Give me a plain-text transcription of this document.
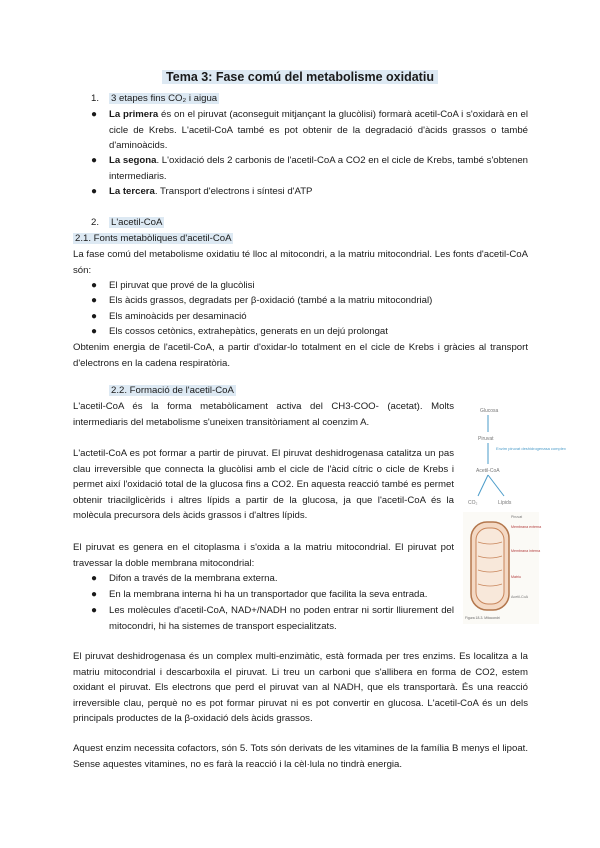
Tema 3: Fase comú del metabolisme oxidatiu
1. 3 etapes fins CO₂ i aigua
● La primera és on el piruvat (aconseguit mitjançant la glucòlisi) formarà acetil-CoA i s'oxidarà en el cicle de Krebs. L'acetil-CoA també es pot obtenir de la degradació d'àcids grassos o també d'aminoàcids.
● La segona. L'oxidació dels 2 carbonis de l'acetil-CoA a CO2 en el cicle de Krebs, també s'obtenen intermediaris.
● La tercera. Transport d'electrons i síntesi d'ATP
2. L'acetil-CoA
2.1. Fonts metabòliques d'acetil-CoA
La fase comú del metabolisme oxidatiu té lloc al mitocondri, a la matriu mitocondrial. Les fonts d'acetil-CoA són:
● El piruvat que prové de la glucòlisi
● Els àcids grassos, degradats per β-oxidació (també a la matriu mitocondrial)
● Els aminoàcids per desaminació
● Els cossos cetònics, extrahepàtics, generats en un dejú prolongat
Obtenim energia de l'acetil-CoA, a partir d'oxidar-lo totalment en el cicle de Krebs i gràcies al transport d'electrons en la cadena respiratòria.
2.2. Formació de l'acetil-CoA
L'acetil-CoA és la forma metabòlicament activa del CH3-COO- (acetat). Molts intermediaris del metabolisme s'uneixen transitòriament al coenzim A.
L'actetil-CoA es pot formar a partir de piruvat. El piruvat deshidrogenasa catalitza un pas clau irreversible que connecta la glucòlisi amb el cicle de l'àcid cítric o cicle de Krebs i permet així l'oxidació total de la glucosa fins a CO2. En aquesta reacció també es permet obtenir triacilglicèrids i altres lípids a partir de la glucosa, ja que l'acetil-CoA és la molècula precursora dels àcids grassos i d'altres lípids.
El piruvat es genera en el citoplasma i s'oxida a la matriu mitocondrial. El piruvat pot travessar la doble membrana mitocondrial:
● Difon a través de la membrana externa.
● En la membrana interna hi ha un transportador que facilita la seva entrada.
● Les molècules d'acetil-CoA, NAD+/NADH no poden entrar ni sortir lliurement del mitocondri, hi ha sistemes de transport especialitzats.
El piruvat deshidrogenasa és un complex multi-enzimàtic, està formada per tres enzims. Es localitza a la matriu mitocondrial i descarboxila el piruvat. Li treu un carboni que s'allibera en forma de CO2, estem oxidant el piruvat. Els electrons que perd el piruvat van al NADH, que els transportarà. És una reacció irreversible clau, perquè no es pot formar piruvat ni es pot convertir en glucosa. L'acetil-CoA és un dels principals productes de la β-oxidació dels àcids grassos.
Aquest enzim necessita cofactors, són 5. Tots són derivats de les vitamines de la família B menys el lipoat. Sense aquestes vitamines, no es farà la reacció i la cèl·lula no tindrà energia.
Glucosa
Piruvat
Enzim piruvat deshidrogenasa complex
Acetil-CoA
CO₂	Lípids
Piruvat
Membrana externa
Membrana interna
Matriu
Acetil-CoA
Figura 18-3. Mitocondri
